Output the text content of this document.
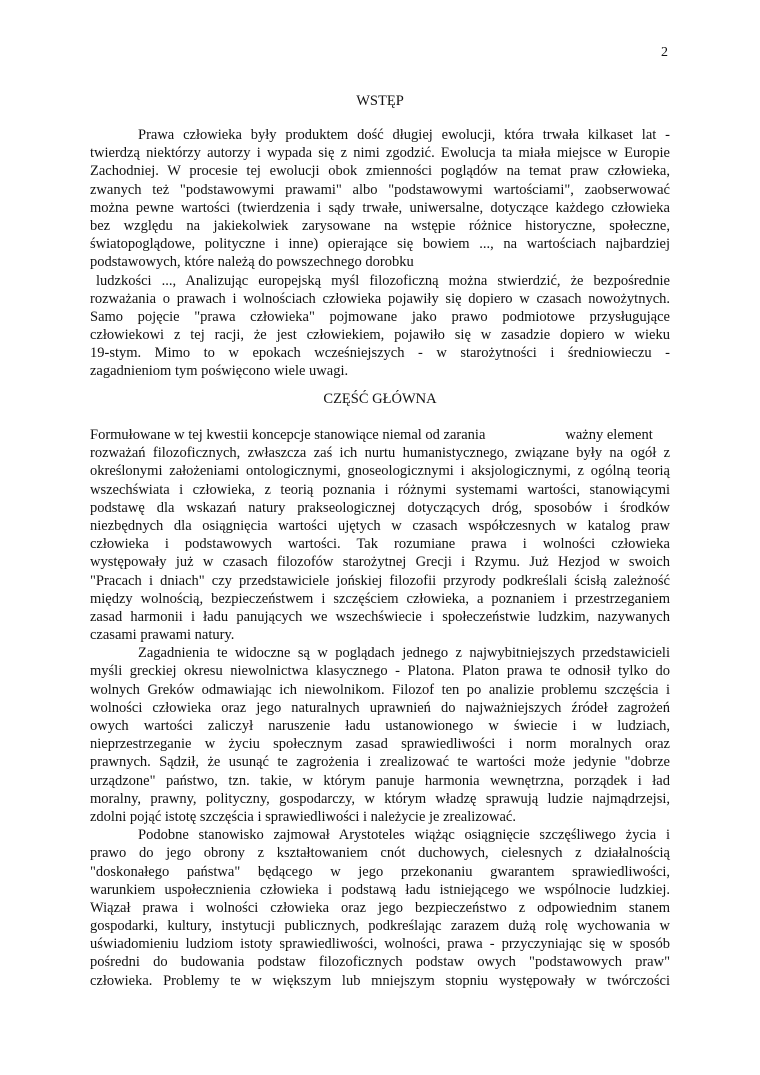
2
WSTĘP
Prawa człowieka były produktem dość długiej ewolucji, która trwała kilkaset lat -
twierdzą niektórzy autorzy i wypada się z nimi zgodzić. Ewolucja ta miała miejsce w Europie
Zachodniej. W procesie tej ewolucji obok zmienności poglądów na temat praw człowieka,
zwanych też "podstawowymi prawami" albo "podstawowymi wartościami", zaobserwować
można pewne wartości (twierdzenia i sądy trwałe, uniwersalne, dotyczące każdego człowieka
bez względu na jakiekolwiek zarysowane na wstępie różnice historyczne, społeczne,
światopoglądowe, polityczne i inne) opierające się bowiem ..., na wartościach najbardziej
podstawowych, które należą do powszechnego dorobku
ludzkości ..., Analizując europejską myśl filozoficzną można stwierdzić, że bezpośrednie
rozważania o prawach i wolnościach człowieka pojawiły się dopiero w czasach nowożytnych.
Samo pojęcie "prawa człowieka" pojmowane jako prawo podmiotowe przysługujące
człowiekowi z tej racji, że jest człowiekiem, pojawiło się w zasadzie dopiero w wieku
19-stym. Mimo to w epokach wcześniejszych - w starożytności i średniowieczu -
zagadnieniom tym poświęcono wiele uwagi.
CZĘŚĆ GŁÓWNA
Formułowane w tej kwestii koncepcje stanowiące niemal od zarania	ważny element
rozważań filozoficznych, zwłaszcza zaś ich nurtu humanistycznego, związane były na ogół z
określonymi założeniami ontologicznymi, gnoseologicznymi i aksjologicznymi, z ogólną teorią
wszechświata i człowieka, z teorią poznania i różnymi systemami wartości, stanowiącymi
podstawę dla wskazań natury prakseologicznej dotyczących dróg, sposobów i środków
niezbędnych dla osiągnięcia wartości ujętych w czasach współczesnych w katalog praw
człowieka i podstawowych wartości. Tak rozumiane prawa i wolności człowieka
występowały już w czasach filozofów starożytnej Grecji i Rzymu. Już Hezjod w swoich
"Pracach i dniach" czy przedstawiciele jońskiej filozofii przyrody podkreślali ścisłą zależność
między wolnością, bezpieczeństwem i szczęściem człowieka, a poznaniem i przestrzeganiem
zasad harmonii i ładu panujących we wszechświecie i społeczeństwie ludzkim, nazywanych
czasami prawami natury.
Zagadnienia te widoczne są w poglądach jednego z najwybitniejszych przedstawicieli
myśli greckiej okresu niewolnictwa klasycznego - Platona. Platon prawa te odnosił tylko do
wolnych Greków odmawiając ich niewolnikom. Filozof ten po analizie problemu szczęścia i
wolności człowieka oraz jego naturalnych uprawnień do najważniejszych źródeł zagrożeń
owych wartości zaliczył naruszenie ładu ustanowionego w świecie i w ludziach,
nieprzestrzeganie w życiu społecznym zasad sprawiedliwości i norm moralnych oraz
prawnych. Sądził, że usunąć te zagrożenia i zrealizować te wartości może jedynie "dobrze
urządzone" państwo, tzn. takie, w którym panuje harmonia wewnętrzna, porządek i ład
moralny, prawny, polityczny, gospodarczy, w którym władzę sprawują ludzie najmądrzejsi,
zdolni pojąć istotę szczęścia i sprawiedliwości i należycie je zrealizować.
Podobne stanowisko zajmował Arystoteles wiążąc osiągnięcie szczęśliwego życia i
prawo do jego obrony z kształtowaniem cnót duchowych, cielesnych z działalnością
"doskonałego państwa" będącego w jego przekonaniu gwarantem sprawiedliwości,
warunkiem uspołecznienia człowieka i podstawą ładu istniejącego we wspólnocie ludzkiej.
Wiązał prawa i wolności człowieka oraz jego bezpieczeństwo z odpowiednim stanem
gospodarki, kultury, instytucji publicznych, podkreślając zarazem dużą rolę wychowania w
uświadomieniu ludziom istoty sprawiedliwości, wolności, prawa - przyczyniając się w sposób
pośredni do budowania podstaw filozoficznych podstaw owych "podstawowych praw"
człowieka. Problemy te w większym lub mniejszym stopniu występowały w twórczości
